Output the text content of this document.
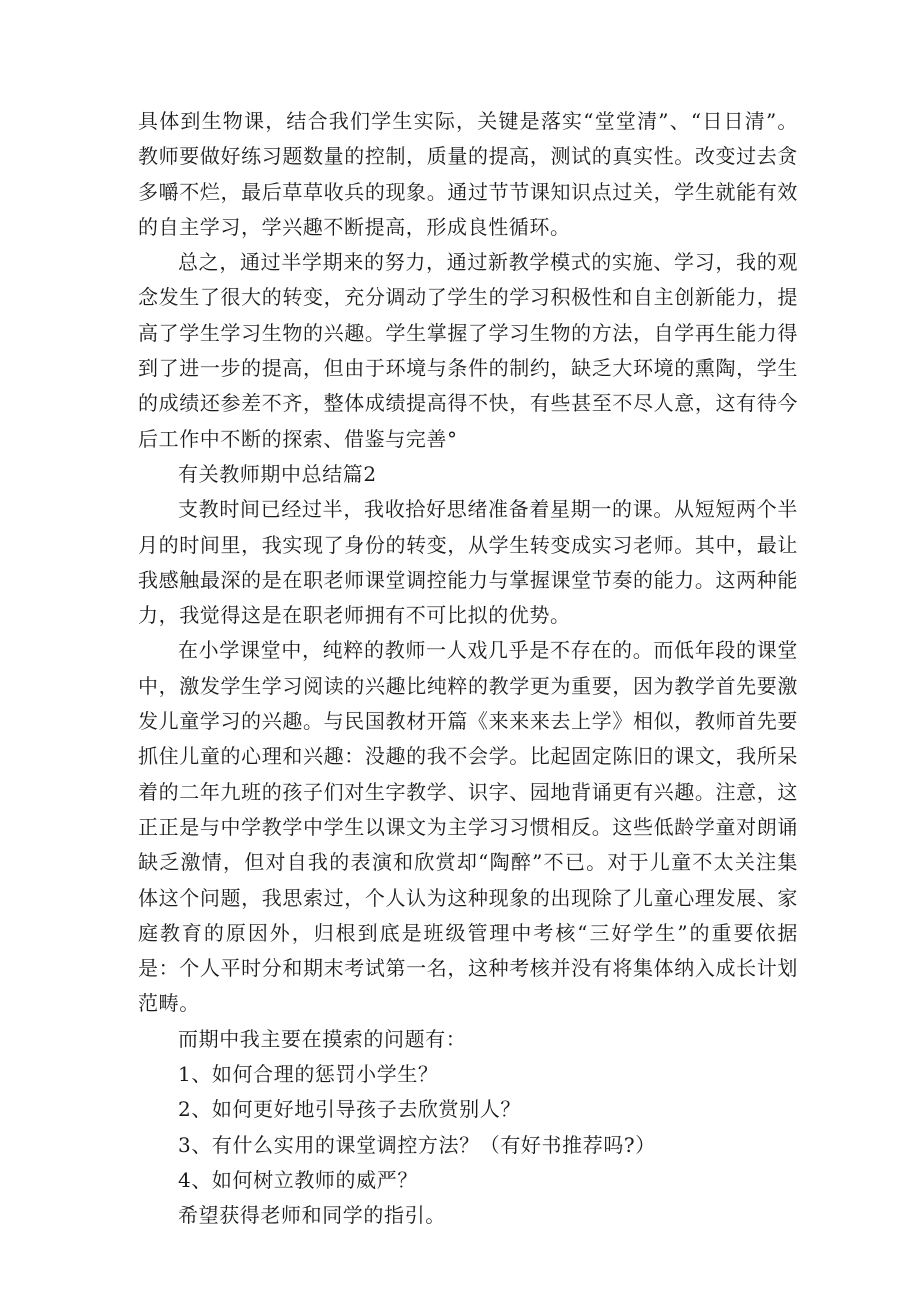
具体到生物课，结合我们学生实际，关键是落实“堂堂清”、“日日清”。教师要做好练习题数量的控制，质量的提高，测试的真实性。改变过去贪多嚼不烂，最后草草收兵的现象。通过节节课知识点过关，学生就能有效的自主学习，学兴趣不断提高，形成良性循环。

总之，通过半学期来的努力，通过新教学模式的实施、学习，我的观念发生了很大的转变，充分调动了学生的学习积极性和自主创新能力，提高了学生学习生物的兴趣。学生掌握了学习生物的方法，自学再生能力得到了进一步的提高，但由于环境与条件的制约，缺乏大环境的熏陶，学生的成绩还参差不齐，整体成绩提高得不快，有些甚至不尽人意，这有待今后工作中不断的探索、借鉴与完善°

有关教师期中总结篇2

支教时间已经过半，我收拾好思绪准备着星期一的课。从短短两个半月的时间里，我实现了身份的转变，从学生转变成实习老师。其中，最让我感触最深的是在职老师课堂调控能力与掌握课堂节奏的能力。这两种能力，我觉得这是在职老师拥有不可比拟的优势。

在小学课堂中，纯粹的教师一人戏几乎是不存在的。而低年段的课堂中，激发学生学习阅读的兴趣比纯粹的教学更为重要，因为教学首先要激发儿童学习的兴趣。与民国教材开篇《来来来去上学》相似，教师首先要抓住儿童的心理和兴趣：没趣的我不会学。比起固定陈旧的课文，我所呆着的二年九班的孩子们对生字教学、识字、园地背诵更有兴趣。注意，这正正是与中学教学中学生以课文为主学习习惯相反。这些低龄学童对朗诵缺乏激情，但对自我的表演和欣赏却“陶醉”不已。对于儿童不太关注集体这个问题，我思索过，个人认为这种现象的出现除了儿童心理发展、家庭教育的原因外，归根到底是班级管理中考核“三好学生”的重要依据是：个人平时分和期末考试第一名，这种考核并没有将集体纳入成长计划范畴。

而期中我主要在摸索的问题有：

1、如何合理的惩罚小学生？

2、如何更好地引导孩子去欣赏别人？

3、有什么实用的课堂调控方法？（有好书推荐吗?）

4、如何树立教师的威严？

希望获得老师和同学的指引。
